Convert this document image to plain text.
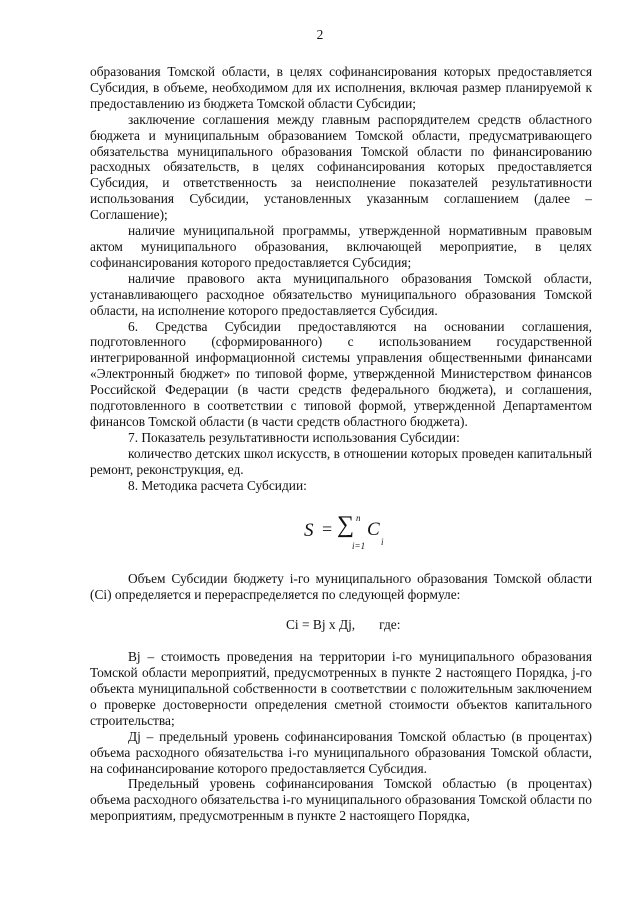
2

образования Томской области, в целях софинансирования которых предоставляется Субсидия, в объеме, необходимом для их исполнения, включая размер планируемой к предоставлению из бюджета Томской области Субсидии;

заключение соглашения между главным распорядителем средств областного бюджета и муниципальным образованием Томской области, предусматривающего обязательства муниципального образования Томской области по финансированию расходных обязательств, в целях софинансирования которых предоставляется Субсидия, и ответственность за неисполнение показателей результативности использования Субсидии, установленных указанным соглашением (далее – Соглашение);

наличие муниципальной программы, утвержденной нормативным правовым актом муниципального образования, включающей мероприятие, в целях софинансирования которого предоставляется Субсидия;

наличие правового акта муниципального образования Томской области, устанавливающего расходное обязательство муниципального образования Томской области, на исполнение которого предоставляется Субсидия.

6. Средства Субсидии предоставляются на основании соглашения, подготовленного (сформированного) с использованием государственной интегрированной информационной системы управления общественными финансами «Электронный бюджет» по типовой форме, утвержденной Министерством финансов Российской Федерации (в части средств федерального бюджета), и соглашения, подготовленного в соответствии с типовой формой, утвержденной Департаментом финансов Томской области (в части средств областного бюджета).

7. Показатель результативности использования Субсидии:

количество детских школ искусств, в отношении которых проведен капитальный ремонт, реконструкция, ед.

8. Методика расчета Субсидии:

S = ∑ n
i=1
C
i

Объем Субсидии бюджету i-го муниципального образования Томской области (Ci) определяется и перераспределяется по следующей формуле:

Ci = Bj x Дj, где:

Вj – стоимость проведения на территории i-го муниципального образования Томской области мероприятий, предусмотренных в пункте 2 настоящего Порядка, j-го объекта муниципальной собственности в соответствии с положительным заключением о проверке достоверности определения сметной стоимости объектов капитального строительства;

Дj – предельный уровень софинансирования Томской областью (в процентах) объема расходного обязательства i-го муниципального образования Томской области, на софинансирование которого предоставляется Субсидия.

Предельный уровень софинансирования Томской областью (в процентах) объема расходного обязательства i-го муниципального образования Томской области по мероприятиям, предусмотренным в пункте 2 настоящего Порядка,
